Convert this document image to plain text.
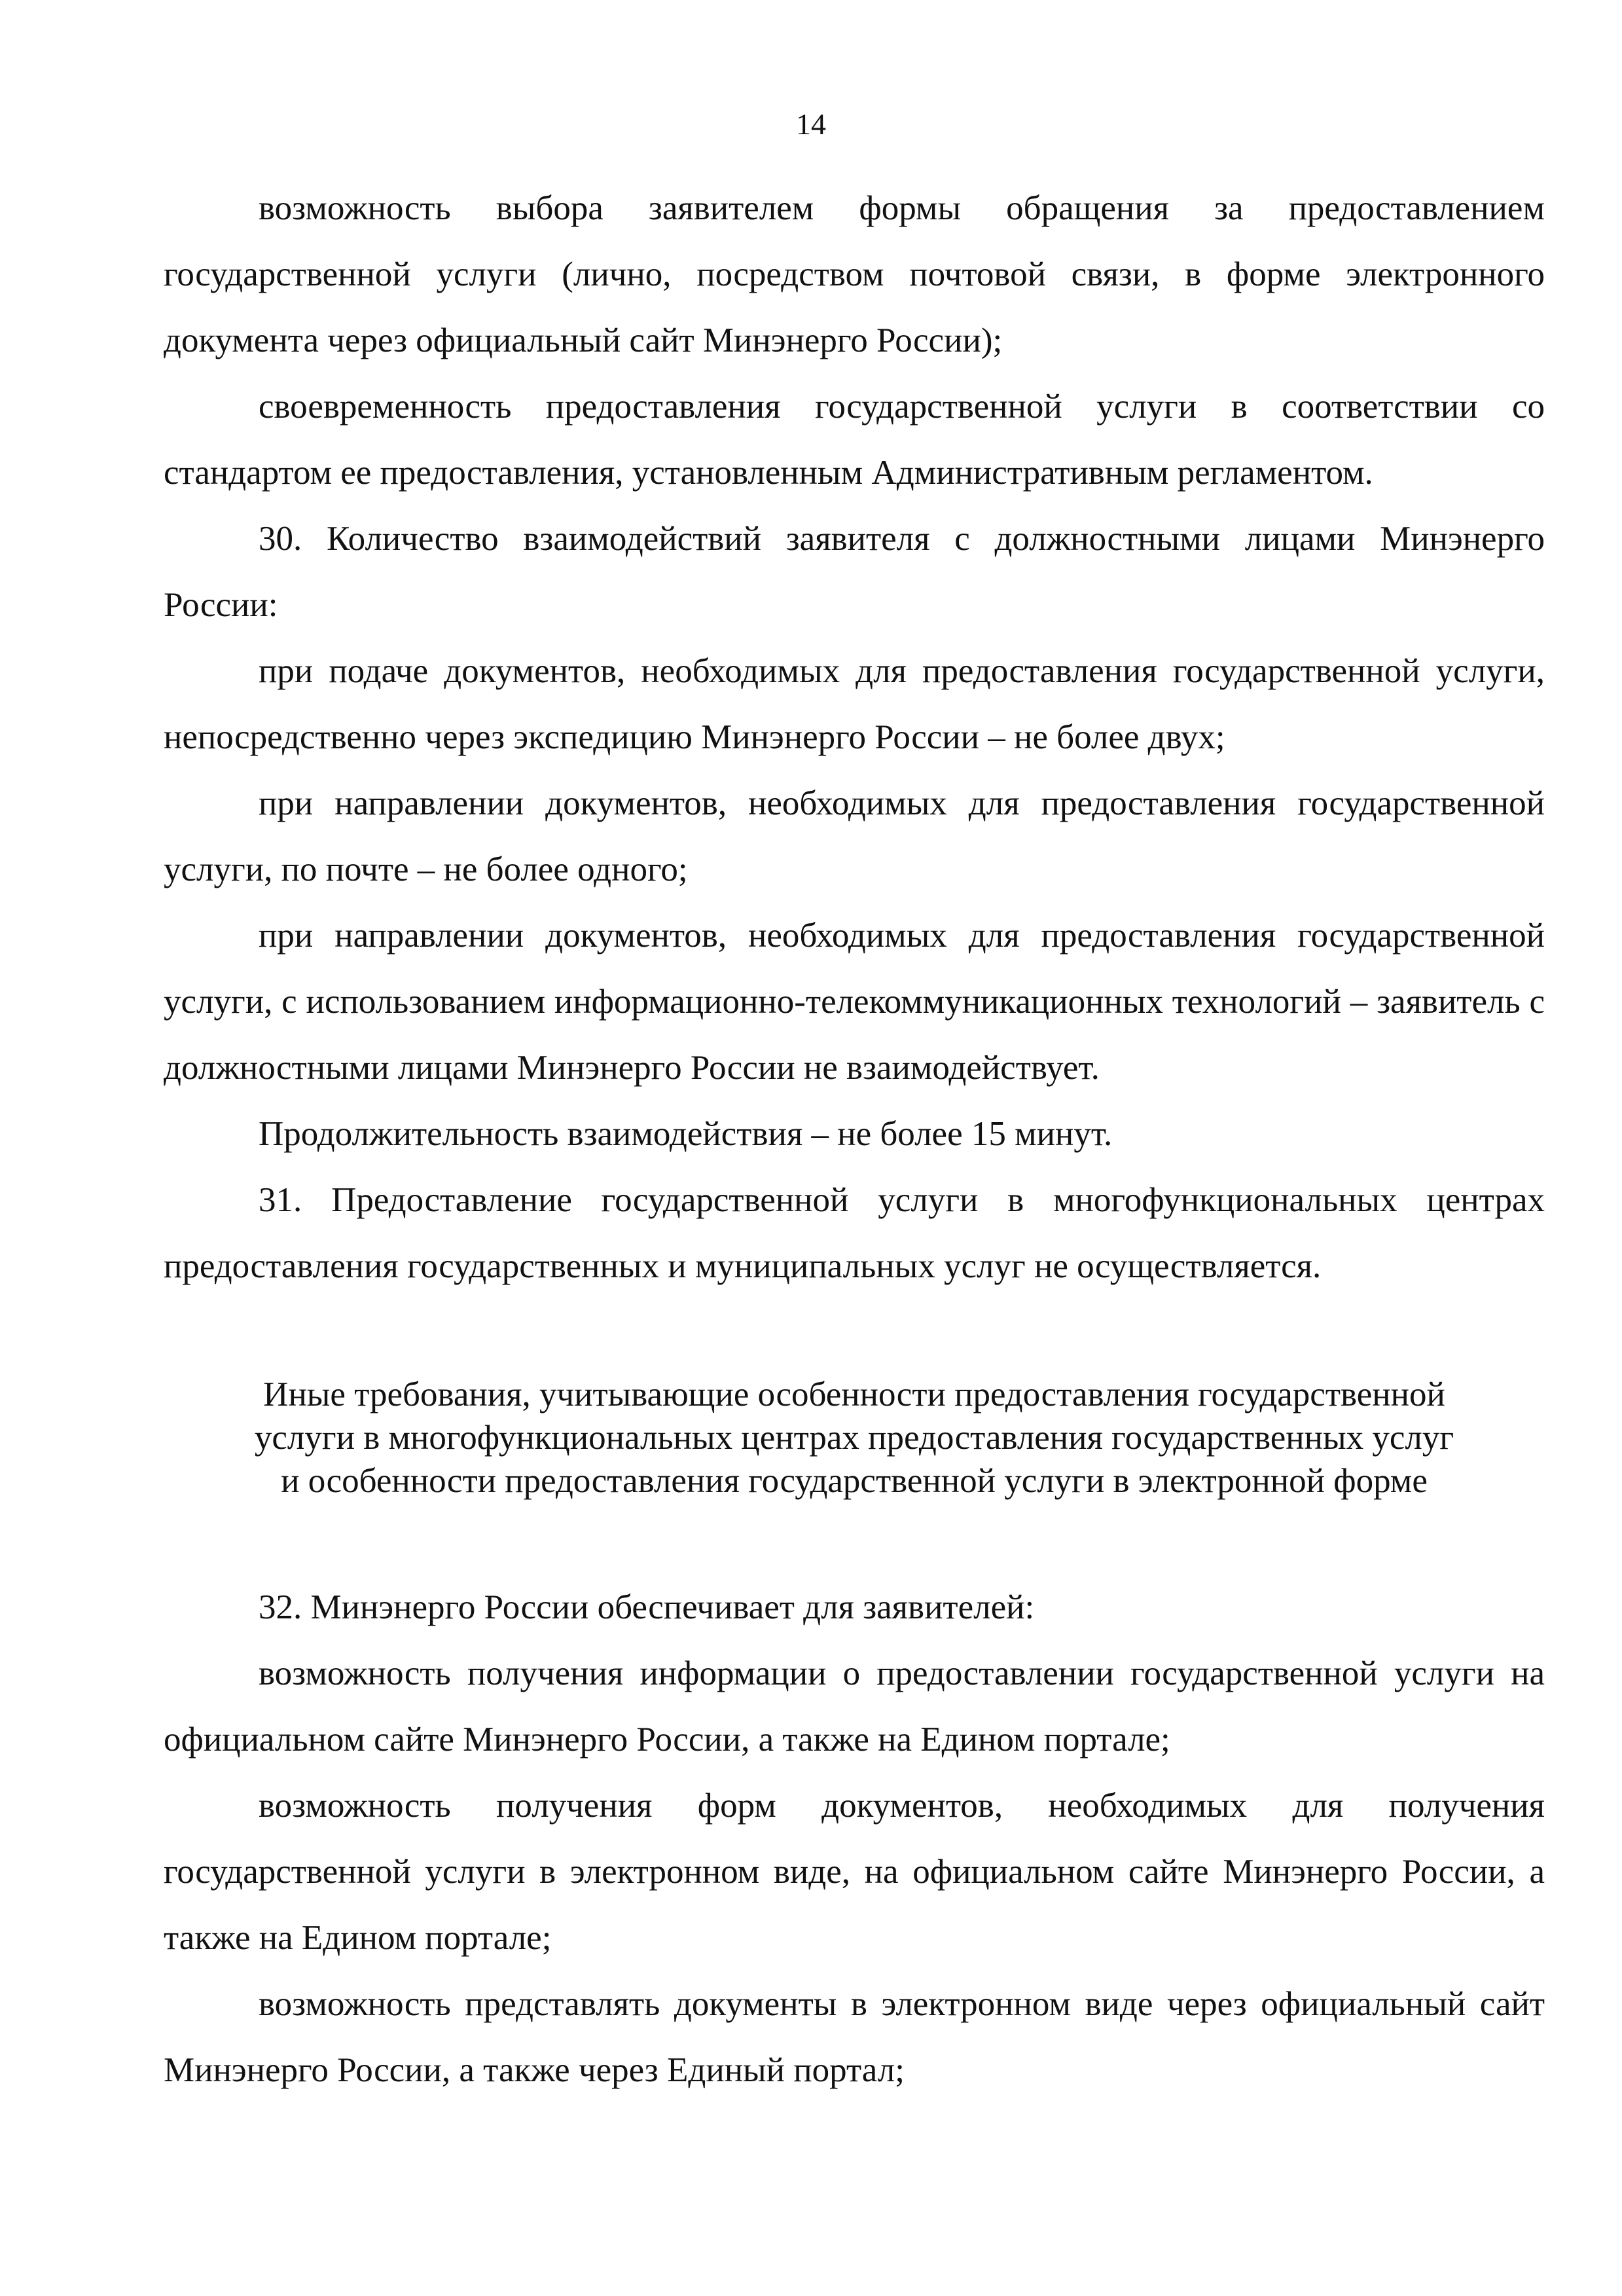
14

возможность выбора заявителем формы обращения за предоставлением государственной услуги (лично, посредством почтовой связи, в форме электронного документа через официальный сайт Минэнерго России);

своевременность предоставления государственной услуги в соответствии со стандартом ее предоставления, установленным Административным регламентом.

30. Количество взаимодействий заявителя с должностными лицами Минэнерго России:

при подаче документов, необходимых для предоставления государственной услуги, непосредственно через экспедицию Минэнерго России – не более двух;

при направлении документов, необходимых для предоставления государственной услуги, по почте – не более одного;

при направлении документов, необходимых для предоставления государственной услуги, с использованием информационно-телекоммуникационных технологий – заявитель с должностными лицами Минэнерго России не взаимодействует.

Продолжительность взаимодействия – не более 15 минут.

31. Предоставление государственной услуги в многофункциональных центрах предоставления государственных и муниципальных услуг не осуществляется.

Иные требования, учитывающие особенности предоставления государственной

услуги в многофункциональных центрах предоставления государственных услуг

и особенности предоставления государственной услуги в электронной форме

32. Минэнерго России обеспечивает для заявителей:

возможность получения информации о предоставлении государственной услуги на официальном сайте Минэнерго России, а также на Едином портале;

возможность получения форм документов, необходимых для получения государственной услуги в электронном виде, на официальном сайте Минэнерго России, а также на Едином портале;

возможность представлять документы в электронном виде через официальный сайт Минэнерго России, а также через Единый портал;
